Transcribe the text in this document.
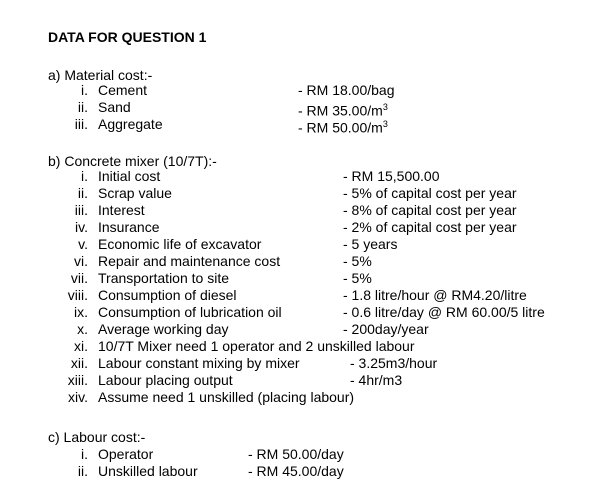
DATA FOR QUESTION 1
a) Material cost:-
i. Cement	- RM 18.00/bag
ii. Sand	- RM $35.00/m^3$
iii. Aggregate	- RM $50.00/m^3$
b) Concrete mixer (10/7T):-
i. Initial cost	- RM 15,500.00
ii. Scrap value	- 5% of capital cost per year
iii. Interest	- 8% of capital cost per year
iv. Insurance	- 2% of capital cost per year
v. Economic life of excavator	- 5 years
vi. Repair and maintenance cost	- 5%
vii. Transportation to site	- 5%
viii. Consumption of diesel	- 1.8 litre/hour @ RM4.20/litre
ix. Consumption of lubrication oil	- 0.6 litre/day @ RM 60.00/5 litre
x. Average working day	- 200day/year
xi. 10/7T Mixer need 1 operator and 2 unskilled labour
xii. Labour constant mixing by mixer	- 3.25m3/hour
xiii. Labour placing output	- 4hr/m3
xiv. Assume need 1 unskilled (placing labour)
c) Labour cost:-
i. Operator	- RM 50.00/day
ii. Unskilled labour	- RM 45.00/day
